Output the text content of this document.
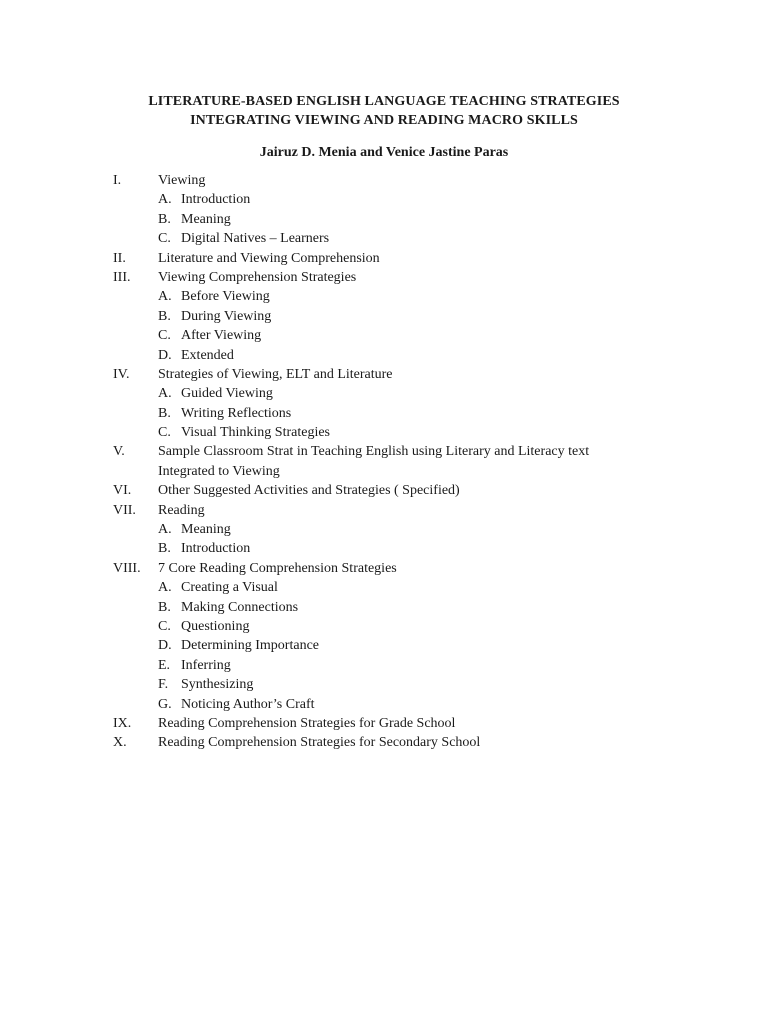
LITERATURE-BASED ENGLISH LANGUAGE TEACHING STRATEGIES
INTEGRATING VIEWING AND READING MACRO SKILLS
Jairuz D. Menia and Venice Jastine Paras
I.	Viewing
A. Introduction
B. Meaning
C. Digital Natives – Learners
II. Literature and Viewing Comprehension
III. Viewing Comprehension Strategies
A. Before Viewing
B. During Viewing
C. After Viewing
D. Extended
IV. Strategies of Viewing, ELT and Literature
A. Guided Viewing
B. Writing Reflections
C. Visual Thinking Strategies
V. Sample Classroom Strat in Teaching English using Literary and Literacy text
Integrated to Viewing
VI. Other Suggested Activities and Strategies ( Specified)
VII. Reading
A. Meaning
B. Introduction
VIII. 7 Core Reading Comprehension Strategies
A. Creating a Visual
B. Making Connections
C. Questioning
D. Determining Importance
E. Inferring
F. Synthesizing
G. Noticing Author’s Craft
IX. Reading Comprehension Strategies for Grade School
X. Reading Comprehension Strategies for Secondary School
